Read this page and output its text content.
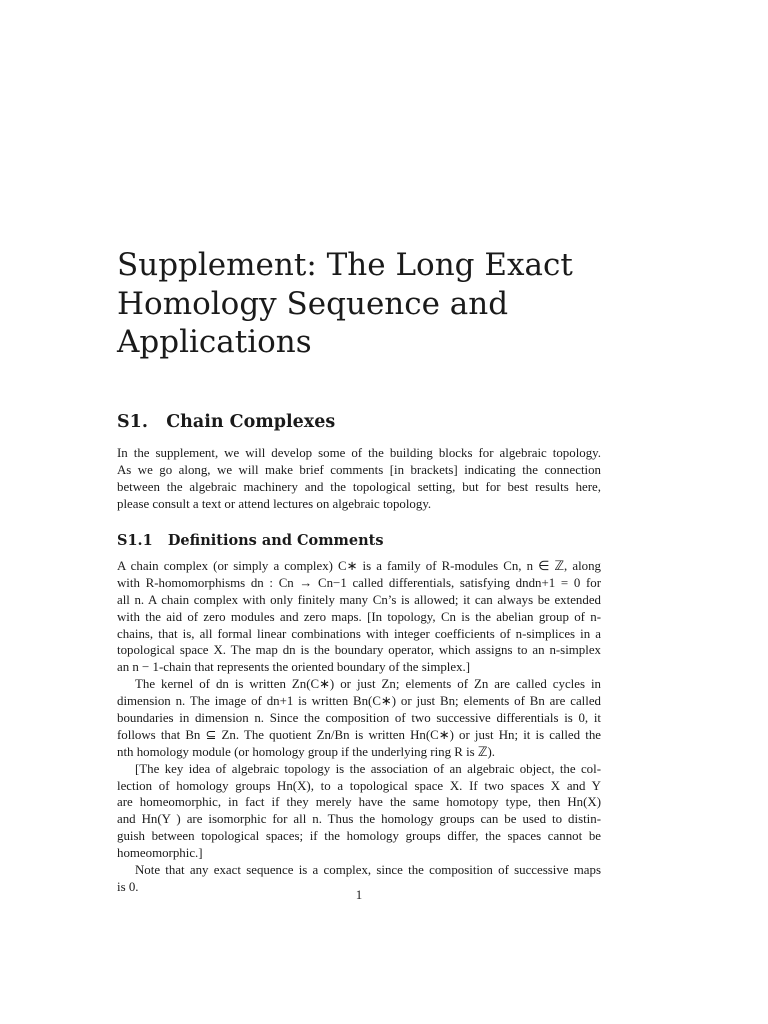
Supplement: The Long Exact
Homology Sequence and
Applications
S1. Chain Complexes
In the supplement, we will develop some of the building blocks for algebraic topology.
As we go along, we will make brief comments [in brackets] indicating the connection
between the algebraic machinery and the topological setting, but for best results here,
please consult a text or attend lectures on algebraic topology.
S1.1 Definitions and Comments
A chain complex (or simply a complex) C∗ is a family of R-modules Cn, n ∈ ℤ, along
with R-homomorphisms dn : Cn → Cn−1 called differentials, satisfying dndn+1 = 0 for
all n. A chain complex with only finitely many Cn’s is allowed; it can always be extended
with the aid of zero modules and zero maps. [In topology, Cn is the abelian group of n-
chains, that is, all formal linear combinations with integer coefficients of n-simplices in a
topological space X. The map dn is the boundary operator, which assigns to an n-simplex
an n − 1-chain that represents the oriented boundary of the simplex.]
The kernel of dn is written Zn(C∗) or just Zn; elements of Zn are called cycles in
dimension n. The image of dn+1 is written Bn(C∗) or just Bn; elements of Bn are called
boundaries in dimension n. Since the composition of two successive differentials is 0, it
follows that Bn ⊆ Zn. The quotient Zn/Bn is written Hn(C∗) or just Hn; it is called the
nth homology module (or homology group if the underlying ring R is ℤ).
[The key idea of algebraic topology is the association of an algebraic object, the col-
lection of homology groups Hn(X), to a topological space X. If two spaces X and Y
are homeomorphic, in fact if they merely have the same homotopy type, then Hn(X)
and Hn(Y ) are isomorphic for all n. Thus the homology groups can be used to distin-
guish between topological spaces; if the homology groups differ, the spaces cannot be
homeomorphic.]
Note that any exact sequence is a complex, since the composition of successive maps
is 0.
1
